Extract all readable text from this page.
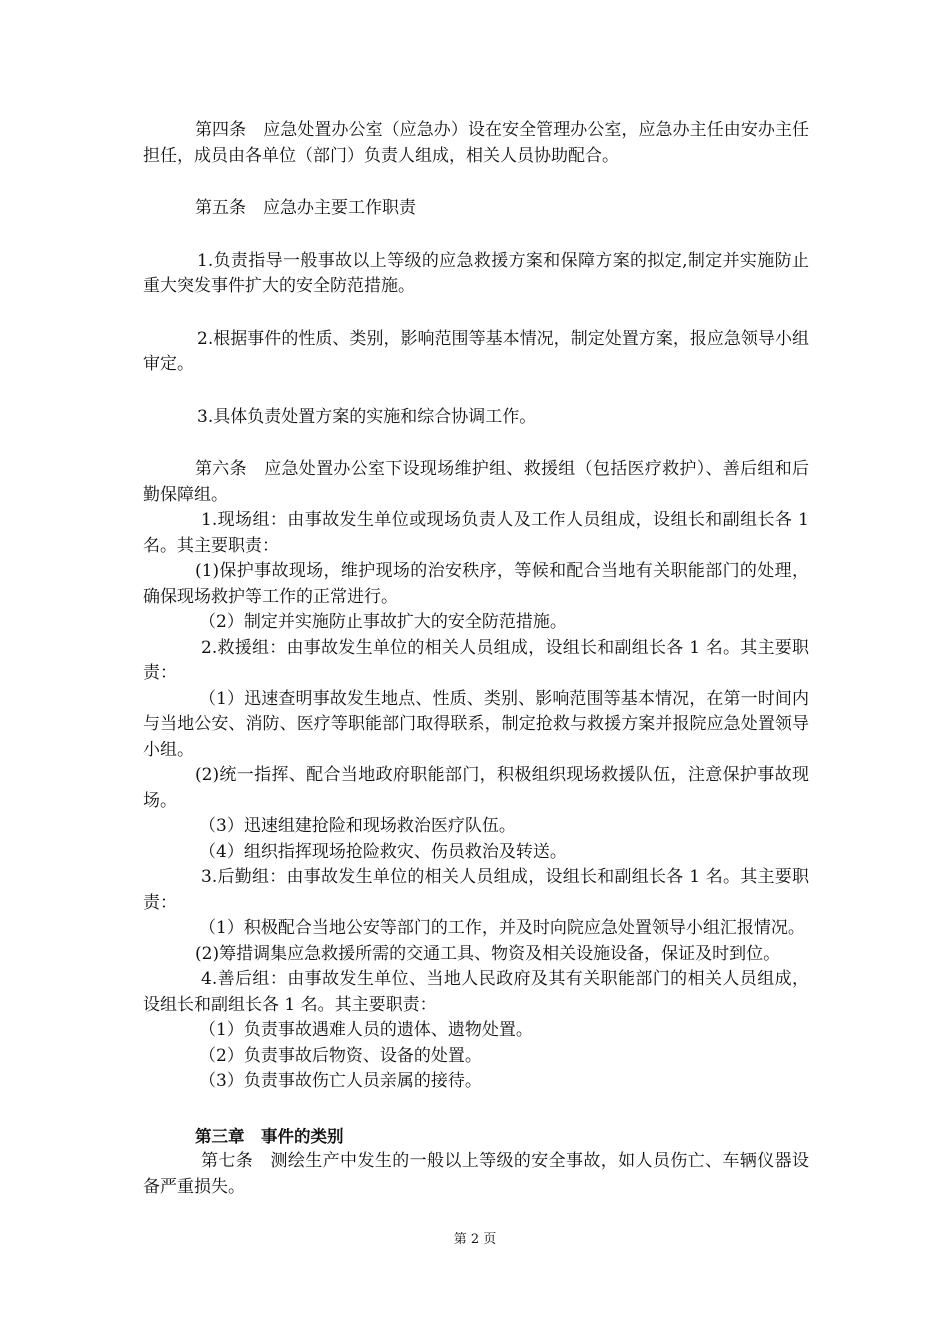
第四条　应急处置办公室（应急办）设在安全管理办公室，应急办主任由安办主任担任，成员由各单位（部门）负责人组成，相关人员协助配合。

第五条　应急办主要工作职责

1.负责指导一般事故以上等级的应急救援方案和保障方案的拟定,制定并实施防止重大突发事件扩大的安全防范措施。

2.根据事件的性质、类别，影响范围等基本情况，制定处置方案，报应急领导小组审定。

3.具体负责处置方案的实施和综合协调工作。

第六条　应急处置办公室下设现场维护组、救援组（包括医疗救护）、善后组和后勤保障组。

1.现场组：由事故发生单位或现场负责人及工作人员组成，设组长和副组长各 1 名。其主要职责：

(1)保护事故现场，维护现场的治安秩序，等候和配合当地有关职能部门的处理，确保现场救护等工作的正常进行。

（2）制定并实施防止事故扩大的安全防范措施。

2.救援组：由事故发生单位的相关人员组成，设组长和副组长各 1 名。其主要职责：

（1）迅速查明事故发生地点、性质、类别、影响范围等基本情况，在第一时间内与当地公安、消防、医疗等职能部门取得联系，制定抢救与救援方案并报院应急处置领导小组。

(2)统一指挥、配合当地政府职能部门，积极组织现场救援队伍，注意保护事故现场。

（3）迅速组建抢险和现场救治医疗队伍。

（4）组织指挥现场抢险救灾、伤员救治及转送。

3.后勤组：由事故发生单位的相关人员组成，设组长和副组长各 1 名。其主要职责：

（1）积极配合当地公安等部门的工作，并及时向院应急处置领导小组汇报情况。

(2)筹措调集应急救援所需的交通工具、物资及相关设施设备，保证及时到位。

4.善后组：由事故发生单位、当地人民政府及其有关职能部门的相关人员组成，设组长和副组长各 1 名。其主要职责：

（1）负责事故遇难人员的遗体、遗物处置。

（2）负责事故后物资、设备的处置。

（3）负责事故伤亡人员亲属的接待。

第三章　事件的类别

第七条　测绘生产中发生的一般以上等级的安全事故，如人员伤亡、车辆仪器设备严重损失。

第 2 页
